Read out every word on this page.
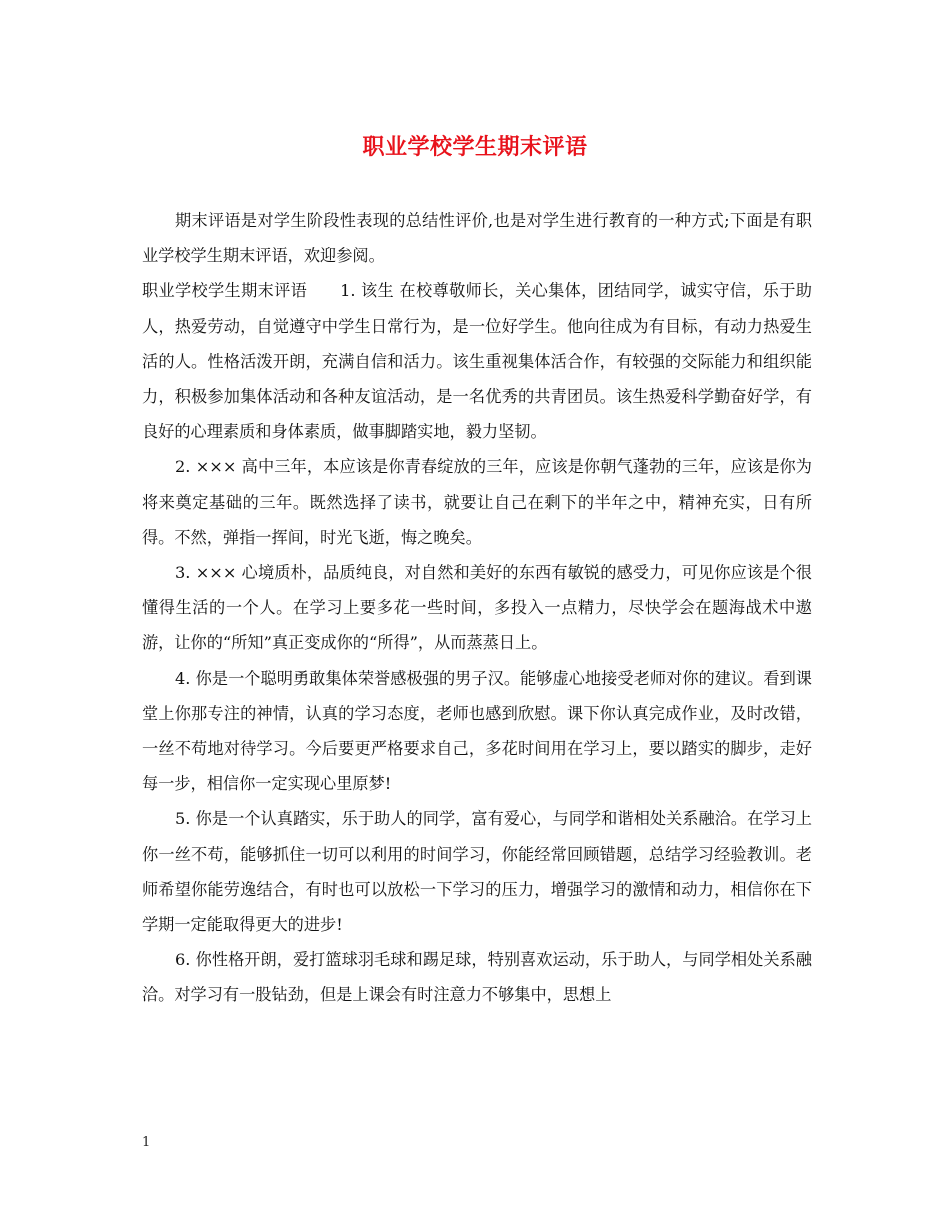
职业学校学生期末评语

期末评语是对学生阶段性表现的总结性评价,也是对学生进行教育的一种方式;下面是有职业学校学生期末评语，欢迎参阅。

职业学校学生期末评语　　1. 该生 在校尊敬师长，关心集体，团结同学，诚实守信，乐于助人，热爱劳动，自觉遵守中学生日常行为，是一位好学生。他向往成为有目标，有动力热爱生活的人。性格活泼开朗，充满自信和活力。该生重视集体活合作，有较强的交际能力和组织能力，积极参加集体活动和各种友谊活动，是一名优秀的共青团员。该生热爱科学勤奋好学，有良好的心理素质和身体素质，做事脚踏实地，毅力坚韧。

2. ××× 高中三年，本应该是你青春绽放的三年，应该是你朝气蓬勃的三年，应该是你为将来奠定基础的三年。既然选择了读书，就要让自己在剩下的半年之中，精神充实，日有所得。不然，弹指一挥间，时光飞逝，悔之晚矣。

3. ××× 心境质朴，品质纯良，对自然和美好的东西有敏锐的感受力，可见你应该是个很懂得生活的一个人。在学习上要多花一些时间，多投入一点精力，尽快学会在题海战术中遨游，让你的“所知”真正变成你的“所得”，从而蒸蒸日上。

4. 你是一个聪明勇敢集体荣誉感极强的男子汉。能够虚心地接受老师对你的建议。看到课堂上你那专注的神情，认真的学习态度，老师也感到欣慰。课下你认真完成作业，及时改错，一丝不苟地对待学习。今后要更严格要求自己，多花时间用在学习上，要以踏实的脚步，走好每一步，相信你一定实现心里原梦!

5. 你是一个认真踏实，乐于助人的同学，富有爱心，与同学和谐相处关系融洽。在学习上你一丝不苟，能够抓住一切可以利用的时间学习，你能经常回顾错题，总结学习经验教训。老师希望你能劳逸结合，有时也可以放松一下学习的压力，增强学习的激情和动力，相信你在下学期一定能取得更大的进步!

6. 你性格开朗，爱打篮球羽毛球和踢足球，特别喜欢运动，乐于助人，与同学相处关系融洽。对学习有一股钻劲，但是上课会有时注意力不够集中，思想上

1
